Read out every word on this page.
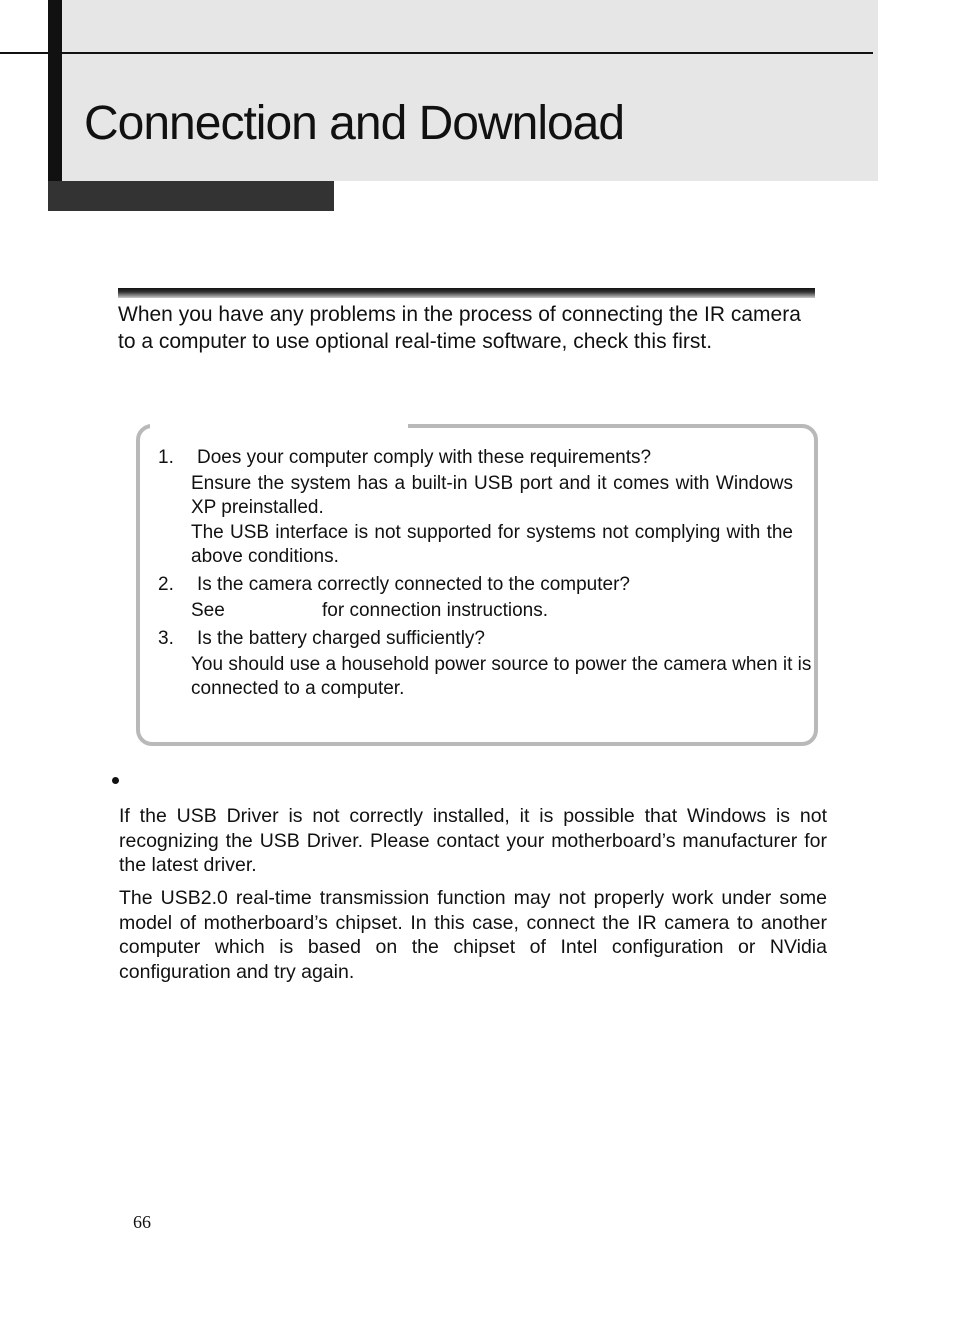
Connection and Download

When you have any problems in the process of connecting the IR camera to a computer to use optional real-time software, check this first.

1. Does your computer comply with these requirements?

Ensure the system has a built-in USB port and it comes with Windows XP preinstalled.

The USB interface is not supported for systems not complying with the above conditions.

2. Is the camera correctly connected to the computer?
See	for connection instructions.
3. Is the battery charged sufficiently?

You should use a household power source to power the camera when it is connected to a computer.

If the USB Driver is not correctly installed, it is possible that Windows is not recognizing the USB Driver. Please contact your motherboard’s manufacturer for the latest driver.

The USB2.0 real-time transmission function may not properly work under some model of motherboard’s chipset. In this case, connect the IR camera to another computer which is based on the chipset of Intel configuration or NVidia configuration and try again.

66
